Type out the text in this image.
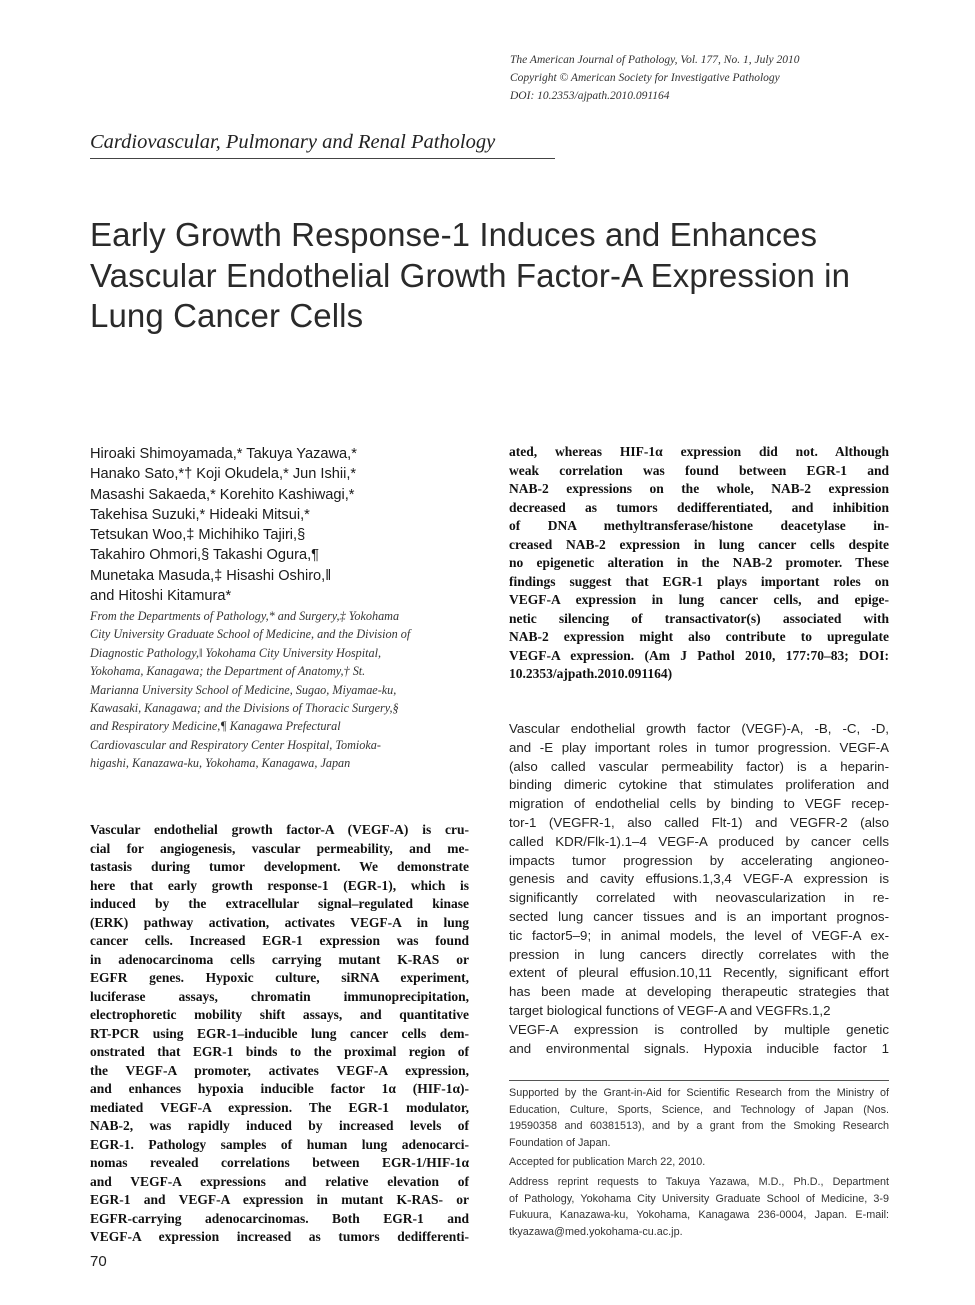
The American Journal of Pathology, Vol. 177, No. 1, July 2010
Copyright © American Society for Investigative Pathology
DOI: 10.2353/ajpath.2010.091164
Cardiovascular, Pulmonary and Renal Pathology
Early Growth Response-1 Induces and Enhances
Vascular Endothelial Growth Factor-A Expression in
Lung Cancer Cells
Hiroaki Shimoyamada,* Takuya Yazawa,*
Hanako Sato,*† Koji Okudela,* Jun Ishii,*
Masashi Sakaeda,* Korehito Kashiwagi,*
Takehisa Suzuki,* Hideaki Mitsui,*
Tetsukan Woo,‡ Michihiko Tajiri,§
Takahiro Ohmori,§ Takashi Ogura,¶
Munetaka Masuda,‡ Hisashi Oshiro,‖
and Hitoshi Kitamura*
From the Departments of Pathology,* and Surgery,‡ Yokohama
City University Graduate School of Medicine, and the Division of
Diagnostic Pathology,‖ Yokohama City University Hospital,
Yokohama, Kanagawa; the Department of Anatomy,† St.
Marianna University School of Medicine, Sugao, Miyamae-ku,
Kawasaki, Kanagawa; and the Divisions of Thoracic Surgery,§
and Respiratory Medicine,¶ Kanagawa Prefectural
Cardiovascular and Respiratory Center Hospital, Tomioka-
higashi, Kanazawa-ku, Yokohama, Kanagawa, Japan
Vascular endothelial growth factor-A (VEGF-A) is cru-
cial for angiogenesis, vascular permeability, and me-
tastasis during tumor development. We demonstrate
here that early growth response-1 (EGR-1), which is
induced by the extracellular signal–regulated kinase
(ERK) pathway activation, activates VEGF-A in lung
cancer cells. Increased EGR-1 expression was found
in adenocarcinoma cells carrying mutant K-RAS or
EGFR genes. Hypoxic culture, siRNA experiment,
luciferase assays, chromatin immunoprecipitation,
electrophoretic mobility shift assays, and quantitative
RT-PCR using EGR-1–inducible lung cancer cells dem-
onstrated that EGR-1 binds to the proximal region of
the VEGF-A promoter, activates VEGF-A expression,
and enhances hypoxia inducible factor 1α (HIF-1α)-
mediated VEGF-A expression. The EGR-1 modulator,
NAB-2, was rapidly induced by increased levels of
EGR-1. Pathology samples of human lung adenocarci-
nomas revealed correlations between EGR-1/HIF-1α
and VEGF-A expressions and relative elevation of
EGR-1 and VEGF-A expression in mutant K-RAS- or
EGFR-carrying adenocarcinomas. Both EGR-1 and
VEGF-A expression increased as tumors dedifferenti-
ated, whereas HIF-1α expression did not. Although
weak correlation was found between EGR-1 and
NAB-2 expressions on the whole, NAB-2 expression
decreased as tumors dedifferentiated, and inhibition
of DNA methyltransferase/histone deacetylase in-
creased NAB-2 expression in lung cancer cells despite
no epigenetic alteration in the NAB-2 promoter. These
findings suggest that EGR-1 plays important roles on
VEGF-A expression in lung cancer cells, and epige-
netic silencing of transactivator(s) associated with
NAB-2 expression might also contribute to upregulate
VEGF-A expression. (Am J Pathol 2010, 177:70–83; DOI:
10.2353/ajpath.2010.091164)
Vascular endothelial growth factor (VEGF)-A, -B, -C, -D,
and -E play important roles in tumor progression. VEGF-A
(also called vascular permeability factor) is a heparin-
binding dimeric cytokine that stimulates proliferation and
migration of endothelial cells by binding to VEGF recep-
tor-1 (VEGFR-1, also called Flt-1) and VEGFR-2 (also
called KDR/Flk-1).1–4 VEGF-A produced by cancer cells
impacts tumor progression by accelerating angioneo-
genesis and cavity effusions.1,3,4 VEGF-A expression is
significantly correlated with neovascularization in re-
sected lung cancer tissues and is an important prognos-
tic factor5–9; in animal models, the level of VEGF-A ex-
pression in lung cancers directly correlates with the
extent of pleural effusion.10,11 Recently, significant effort
has been made at developing therapeutic strategies that
target biological functions of VEGF-A and VEGFRs.1,2
VEGF-A expression is controlled by multiple genetic
and environmental signals. Hypoxia inducible factor 1
Supported by the Grant-in-Aid for Scientific Research from the Ministry of
Education, Culture, Sports, Science, and Technology of Japan (Nos.
19590358 and 60381513), and by a grant from the Smoking Research
Foundation of Japan.
Accepted for publication March 22, 2010.
Address reprint requests to Takuya Yazawa, M.D., Ph.D., Department
of Pathology, Yokohama City University Graduate School of Medicine, 3-9
Fukuura, Kanazawa-ku, Yokohama, Kanagawa 236-0004, Japan. E-mail:
tkyazawa@med.yokohama-cu.ac.jp.
70
